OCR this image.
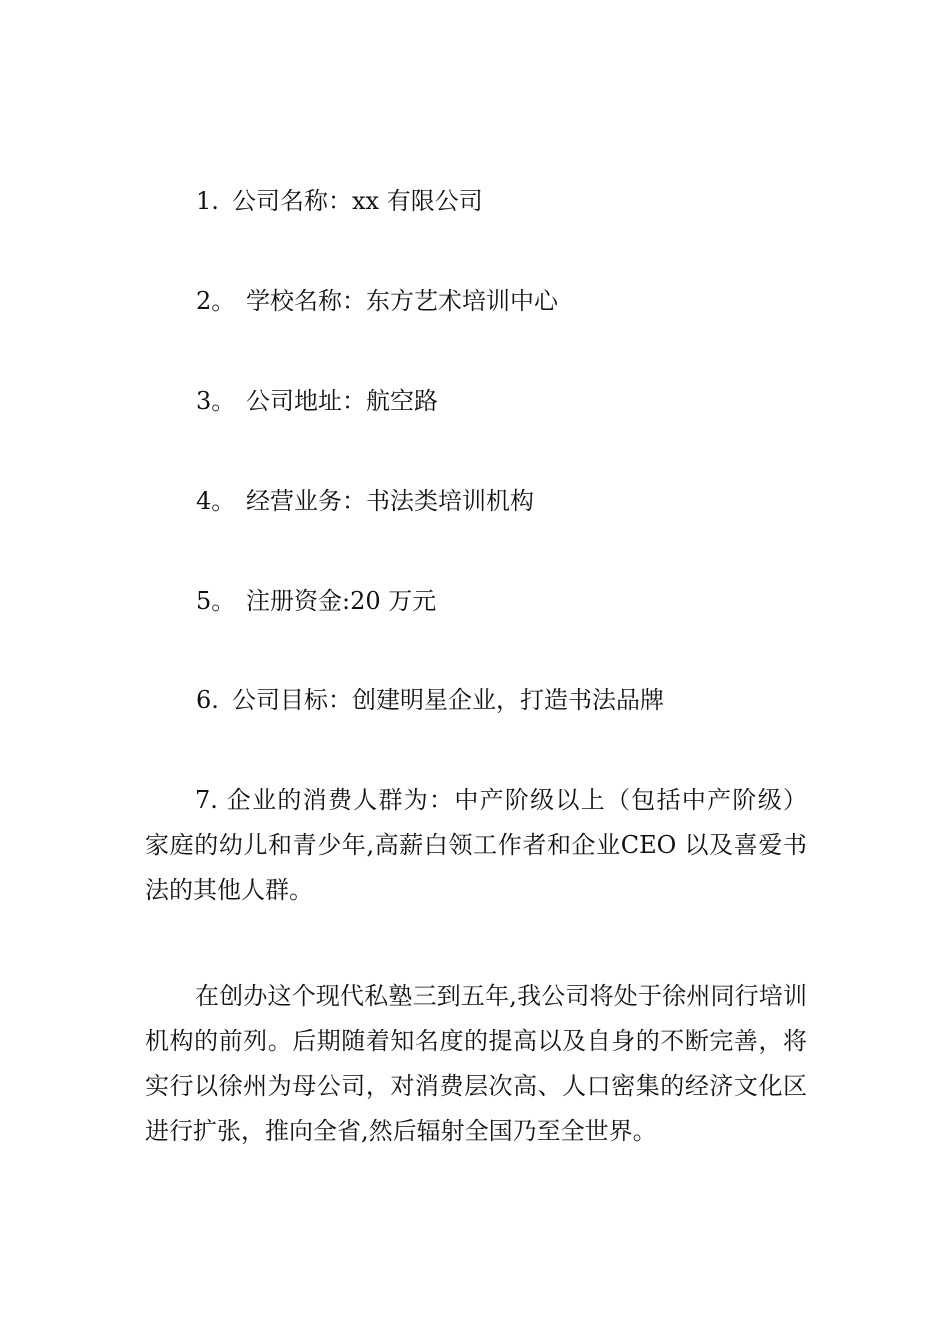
1. 公司名称：xx 有限公司

2。 学校名称：东方艺术培训中心

3。 公司地址：航空路

4。 经营业务：书法类培训机构

5。 注册资金:20 万元

6. 公司目标：创建明星企业，打造书法品牌

7. 企业的消费人群为：中产阶级以上（包括中产阶级） 家庭的幼儿和青少年,高薪白领工作者和企业CEO 以及喜爱书法的其他人群。

在创办这个现代私塾三到五年,我公司将处于徐州同行培训机构的前列。后期随着知名度的提高以及自身的不断完善，将实行以徐州为母公司，对消费层次高、人口密集的经济文化区进行扩张，推向全省,然后辐射全国乃至全世界。
